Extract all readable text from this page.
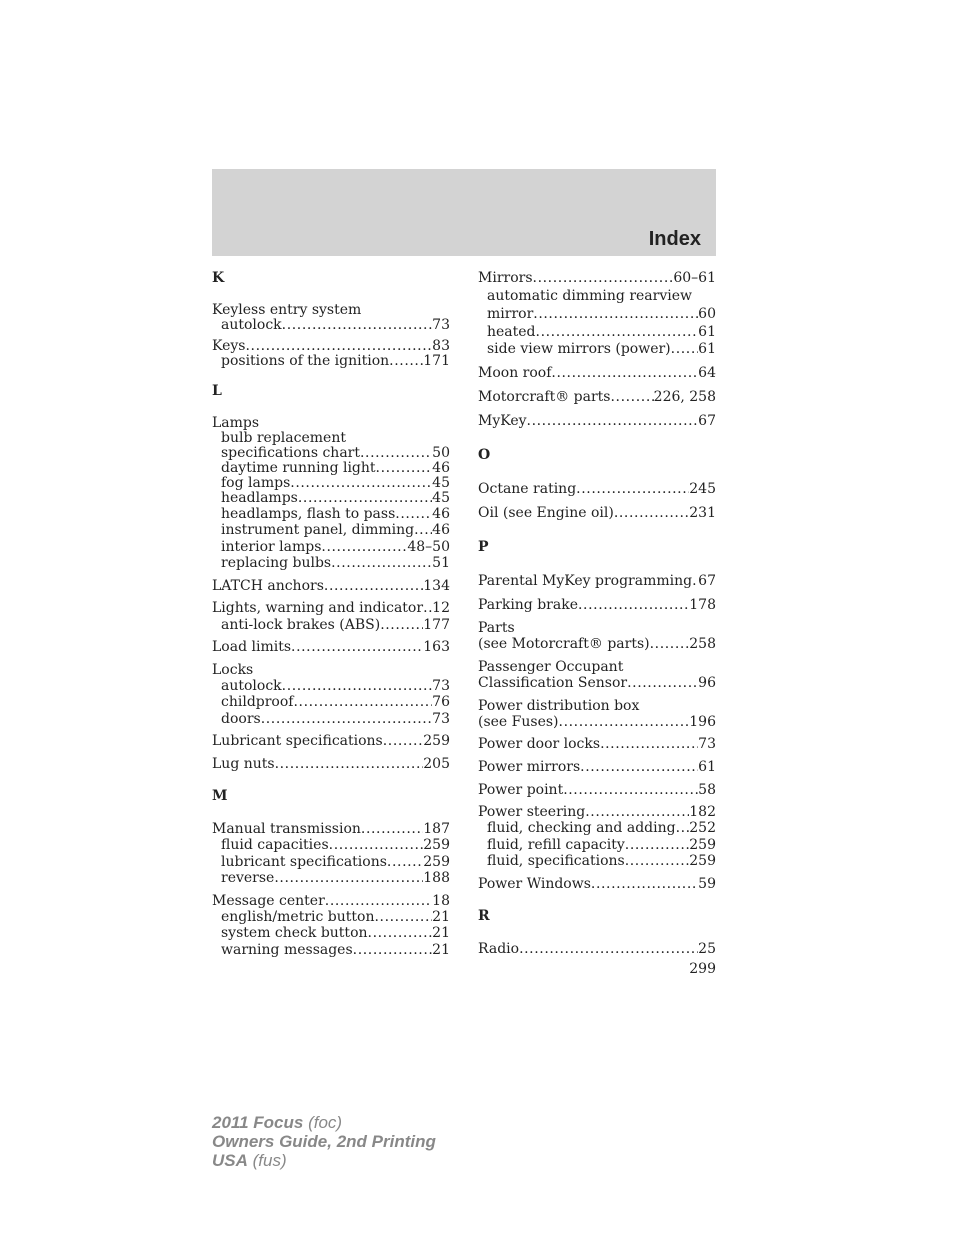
Index
K
Keyless entry system
autolock .....	73
Keys .....	83
positions of the ignition ..... 171
L
Lamps
bulb replacement
specifications chart .....	50
daytime running light .....	46
fog lamps .....	45
headlamps .....	45
headlamps, flash to pass .....	46
instrument panel, dimming ..... 46
interior lamps .....	48–50
replacing bulbs .....	51
LATCH anchors .....	134
Lights, warning and indicator ..... 12
anti-lock brakes (ABS) .....	177
Load limits .....	163
Locks
autolock .....	73
childproof .....	76
doors .....	73
Lubricant specifications .....	259
Lug nuts .....	205
M
Manual transmission .....	187
fluid capacities .....	259
lubricant specifications .....	259
reverse .....	188
Message center .....	18
english/metric button .....	21
system check button .....	21
warning messages .....	21
Mirrors .....	60–61
automatic dimming rearview
mirror .....	60
heated .....	61
side view mirrors (power) ..... 61
Moon roof .....	64
Motorcraft® parts .....	226, 258
MyKey .....	67
O
Octane rating .....	245
Oil (see Engine oil) .....	231
P
Parental MyKey programming ..... 67
Parking brake .....	178
Parts
(see Motorcraft® parts) .....	258
Passenger Occupant
Classification Sensor .....	96
Power distribution box
(see Fuses) .....	196
Power door locks .....	73
Power mirrors .....	61
Power point .....	58
Power steering .....	182
fluid, checking and adding ..... 252
fluid, refill capacity .....	259
fluid, specifications .....	259
Power Windows .....	59
R
Radio .....	25
299
2011 Focus (foc)
Owners Guide, 2nd Printing
USA (fus)
